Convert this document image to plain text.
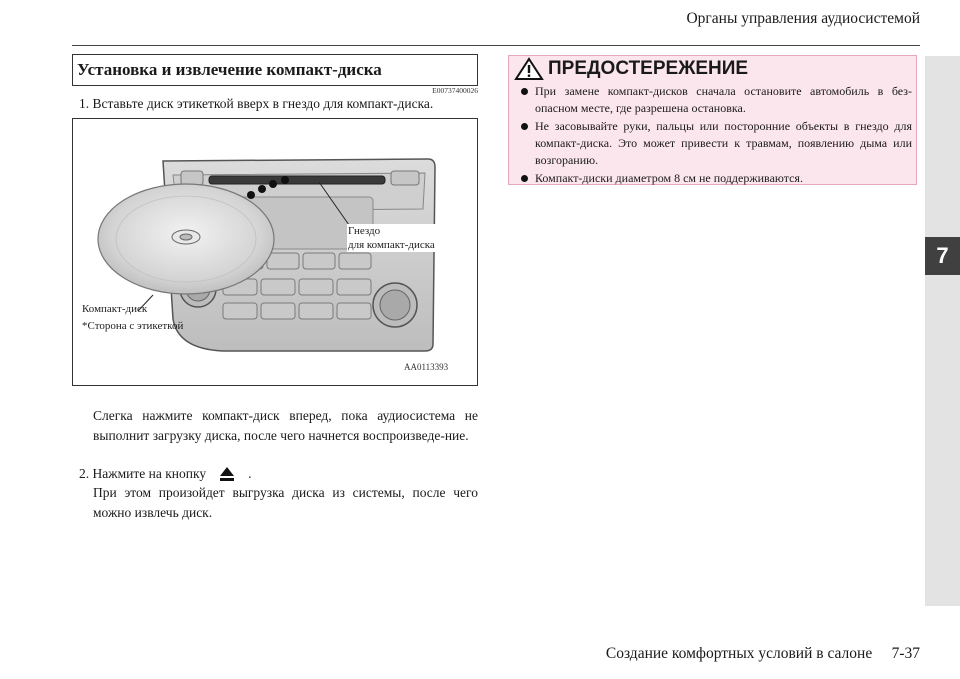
Органы управления аудиосистемой
7
Установка и извлечение компакт-диска
E00737400026
1. Вставьте диск этикеткой вверх в гнездо для компакт-диска.
Гнездо
для компакт-диска
Компакт-диск
*Сторона с этикеткой
AA0113393
Слегка нажмите компакт-диск вперед, пока аудиосистема не выполнит загрузку диска, после чего начнется воспроизведе-ние.
2. Нажмите на кнопку	.
При этом произойдет выгрузка диска из системы, после чего можно извлечь диск.
ПРЕДОСТЕРЕЖЕНИЕ
При замене компакт-дисков сначала остановите автомобиль в без-опасном месте, где разрешена остановка.
Не засовывайте руки, пальцы или посторонние объекты в гнездо для компакт-диска. Это может привести к травмам, появлению дыма или возгоранию.
Компакт-диски диаметром 8 см не поддерживаются.
Создание комфортных условий в салоне     7-37
